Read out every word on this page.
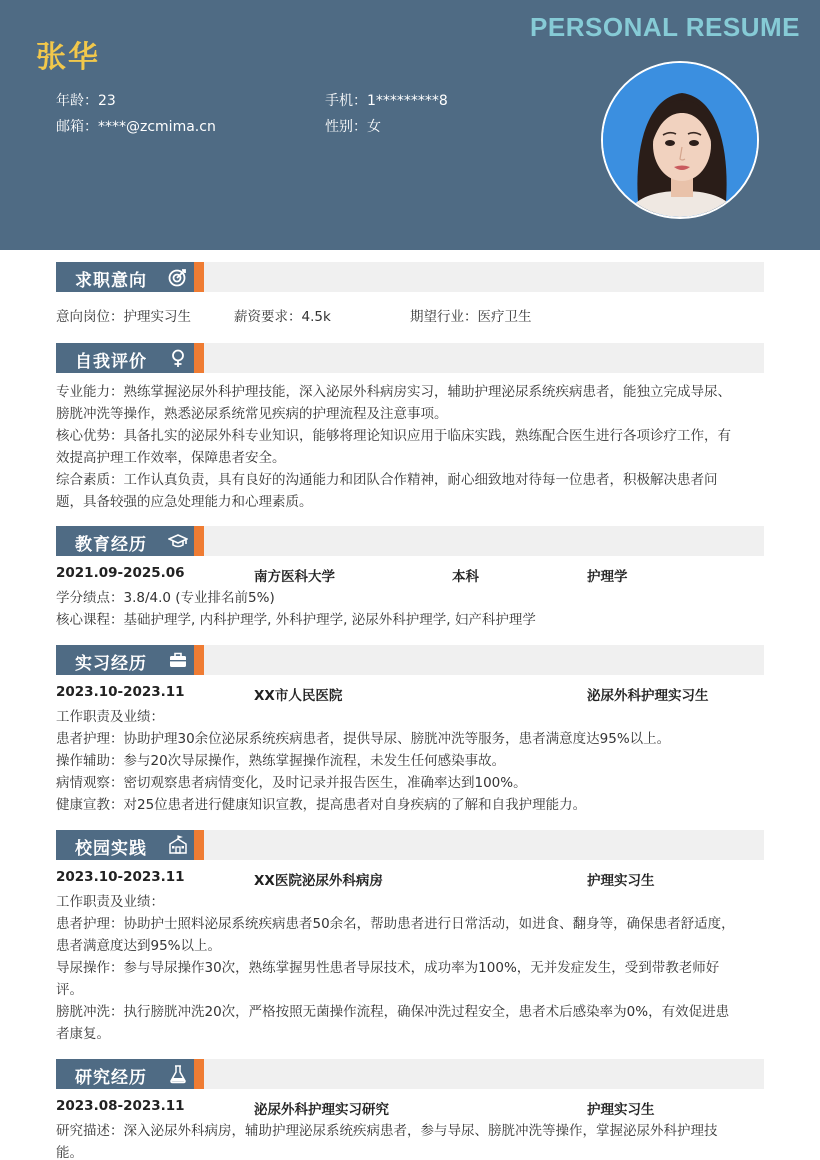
PERSONAL RESUME
张华
年龄：23	手机：1*********8
邮箱：****@zcmima.cn	性别：女
求职意向
意向岗位：护理实习生	薪资要求：4.5k	期望行业：医疗卫生
自我评价
专业能力：熟练掌握泌尿外科护理技能，深入泌尿外科病房实习，辅助护理泌尿系统疾病患者，能独立完成导尿、
膀胱冲洗等操作，熟悉泌尿系统常见疾病的护理流程及注意事项。
核心优势：具备扎实的泌尿外科专业知识，能够将理论知识应用于临床实践，熟练配合医生进行各项诊疗工作，有
效提高护理工作效率，保障患者安全。
综合素质：工作认真负责，具有良好的沟通能力和团队合作精神，耐心细致地对待每一位患者，积极解决患者问
题，具备较强的应急处理能力和心理素质。
教育经历
2021.09-2025.06	南方医科大学	本科	护理学
学分绩点：3.8/4.0 (专业排名前5%)
核心课程：基础护理学, 内科护理学, 外科护理学, 泌尿外科护理学, 妇产科护理学
实习经历
2023.10-2023.11	XX市人民医院	泌尿外科护理实习生
工作职责及业绩：
患者护理：协助护理30余位泌尿系统疾病患者，提供导尿、膀胱冲洗等服务，患者满意度达95%以上。
操作辅助：参与20次导尿操作，熟练掌握操作流程，未发生任何感染事故。
病情观察：密切观察患者病情变化，及时记录并报告医生，准确率达到100%。
健康宣教：对25位患者进行健康知识宣教，提高患者对自身疾病的了解和自我护理能力。
校园实践
2023.10-2023.11	XX医院泌尿外科病房	护理实习生
工作职责及业绩：
患者护理：协助护士照料泌尿系统疾病患者50余名，帮助患者进行日常活动，如进食、翻身等，确保患者舒适度，
患者满意度达到95%以上。
导尿操作：参与导尿操作30次，熟练掌握男性患者导尿技术，成功率为100%，无并发症发生，受到带教老师好
评。
膀胱冲洗：执行膀胱冲洗20次，严格按照无菌操作流程，确保冲洗过程安全，患者术后感染率为0%，有效促进患
者康复。
研究经历
2023.08-2023.11	泌尿外科护理实习研究	护理实习生
研究描述：深入泌尿外科病房，辅助护理泌尿系统疾病患者，参与导尿、膀胱冲洗等操作，掌握泌尿外科护理技
能。
